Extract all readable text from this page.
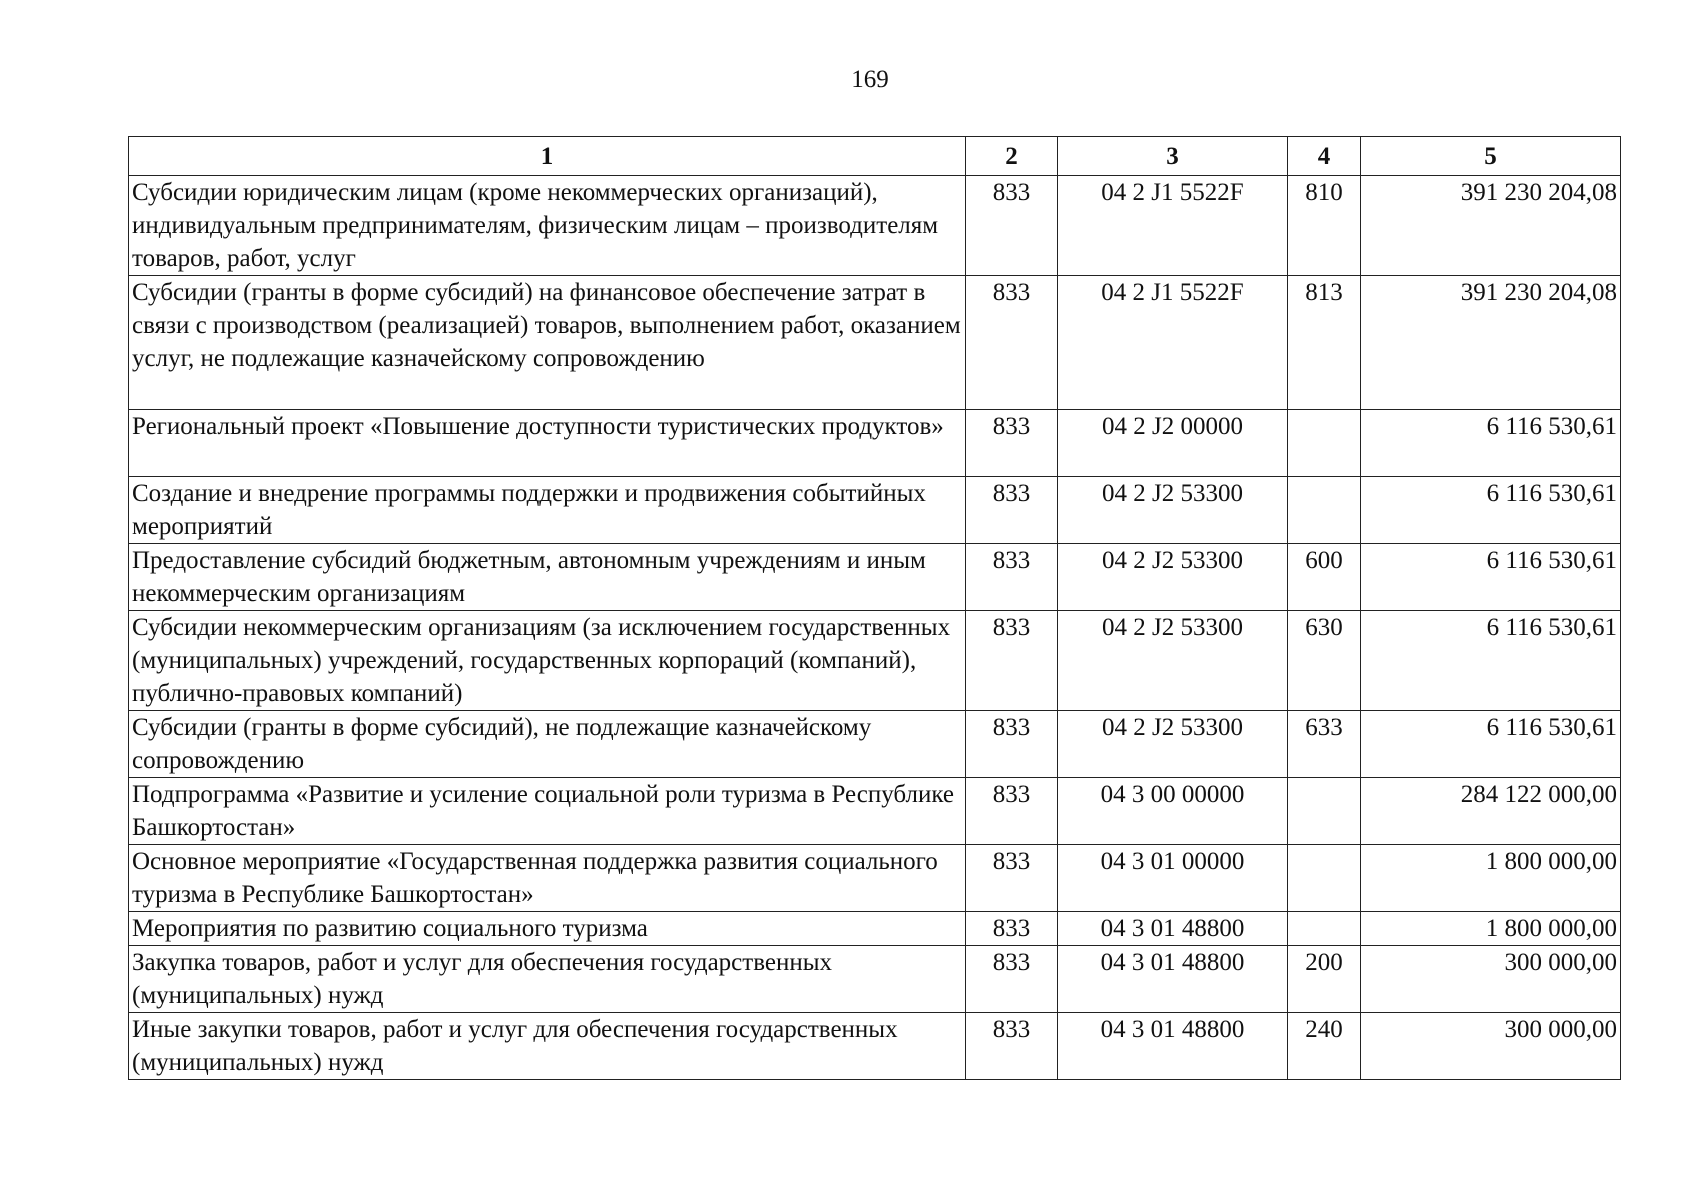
169
1	2	3	4	5
Субсидии юридическим лицам (кроме некоммерческих организаций), индивидуальным предпринимателям, физическим лицам – производителям товаров, работ, услуг	833	04 2 J1 5522F	810	391 230 204,08
Субсидии (гранты в форме субсидий) на финансовое обеспечение затрат в связи с производством (реализацией) товаров, выполнением работ, оказанием услуг, не подлежащие казначейскому сопровождению	833	04 2 J1 5522F	813	391 230 204,08
Региональный проект «Повышение доступности туристических продуктов»	833	04 2 J2 00000		6 116 530,61
Создание и внедрение программы поддержки и продвижения событийных мероприятий	833	04 2 J2 53300		6 116 530,61
Предоставление субсидий бюджетным, автономным учреждениям и иным некоммерческим организациям	833	04 2 J2 53300	600	6 116 530,61
Субсидии некоммерческим организациям (за исключением государственных (муниципальных) учреждений, государственных корпораций (компаний), публично-правовых компаний)	833	04 2 J2 53300	630	6 116 530,61
Субсидии (гранты в форме субсидий), не подлежащие казначейскому сопровождению	833	04 2 J2 53300	633	6 116 530,61
Подпрограмма «Развитие и усиление социальной роли туризма в Республике Башкортостан»	833	04 3 00 00000		284 122 000,00
Основное мероприятие «Государственная поддержка развития социального туризма в Республике Башкортостан»	833	04 3 01 00000		1 800 000,00
Мероприятия по развитию социального туризма	833	04 3 01 48800		1 800 000,00
Закупка товаров, работ и услуг для обеспечения государственных (муниципальных) нужд	833	04 3 01 48800	200	300 000,00
Иные закупки товаров, работ и услуг для обеспечения государственных (муниципальных) нужд	833	04 3 01 48800	240	300 000,00
